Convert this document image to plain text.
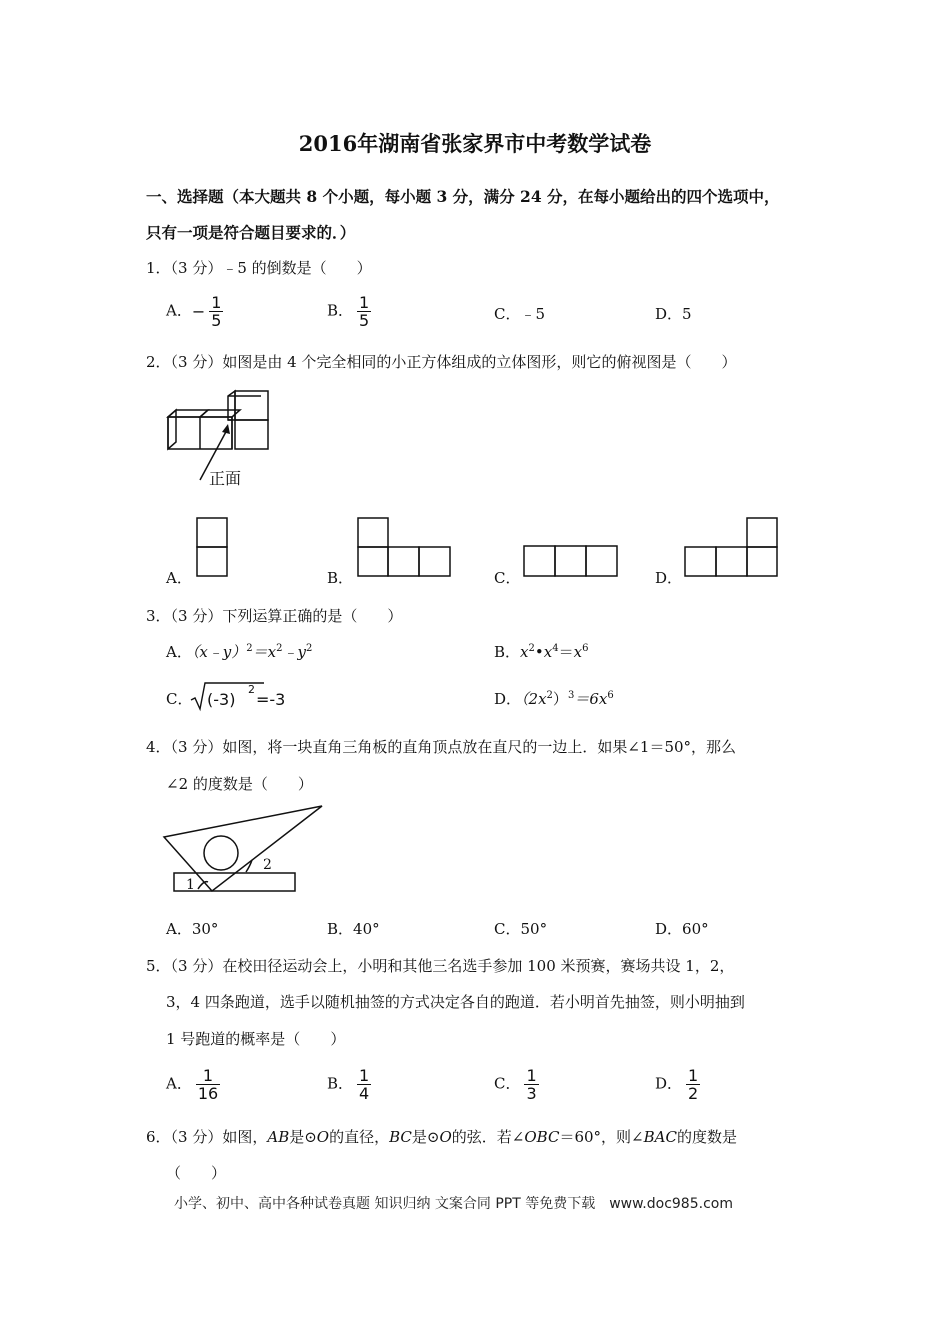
2016年湖南省张家界市中考数学试卷
一、选择题（本大题共 8 个小题，每小题 3 分，满分 24 分，在每小题给出的四个选项中，
只有一项是符合题目要求的．）
1．（3 分）﹣5 的倒数是（　　）
A．− $\frac{1}{5}$	B． $\frac{1}{5}$	C．﹣5	D．5
2．（3 分）如图是由 4 个完全相同的小正方体组成的立体图形，则它的俯视图是（　　）
正面
A．	B．	C．	D．
3．（3 分）下列运算正确的是（　　）
A．$(x﹣y)^2=x^2﹣y^2$	B．$x^2•x^4=x^6$
C． (-3)
2
=-3	D．$(2x^2)^3=6x^6$
4．（3 分）如图，将一块直角三角板的直角顶点放在直尺的一边上．如果∠1＝50°，那么
∠2 的度数是（　　）
1
2
A．30°	B．40°	C．50°	D．60°
5．（3 分）在校田径运动会上，小明和其他三名选手参加 100 米预赛，赛场共设 1，2，
3，4 四条跑道，选手以随机抽签的方式决定各自的跑道．若小明首先抽签，则小明抽到
1 号跑道的概率是（　　）
A． $\frac{1}{16}$	B． $\frac{1}{4}$	C． $\frac{1}{3}$	D． $\frac{1}{2}$
6．（3 分）如图，AB是⊙O的直径，BC是⊙O的弦．若∠OBC＝60°，则∠BAC的度数是
（　　）
小学、初中、高中各种试卷真题 知识归纳 文案合同 PPT 等免费下载　www.doc985.com
